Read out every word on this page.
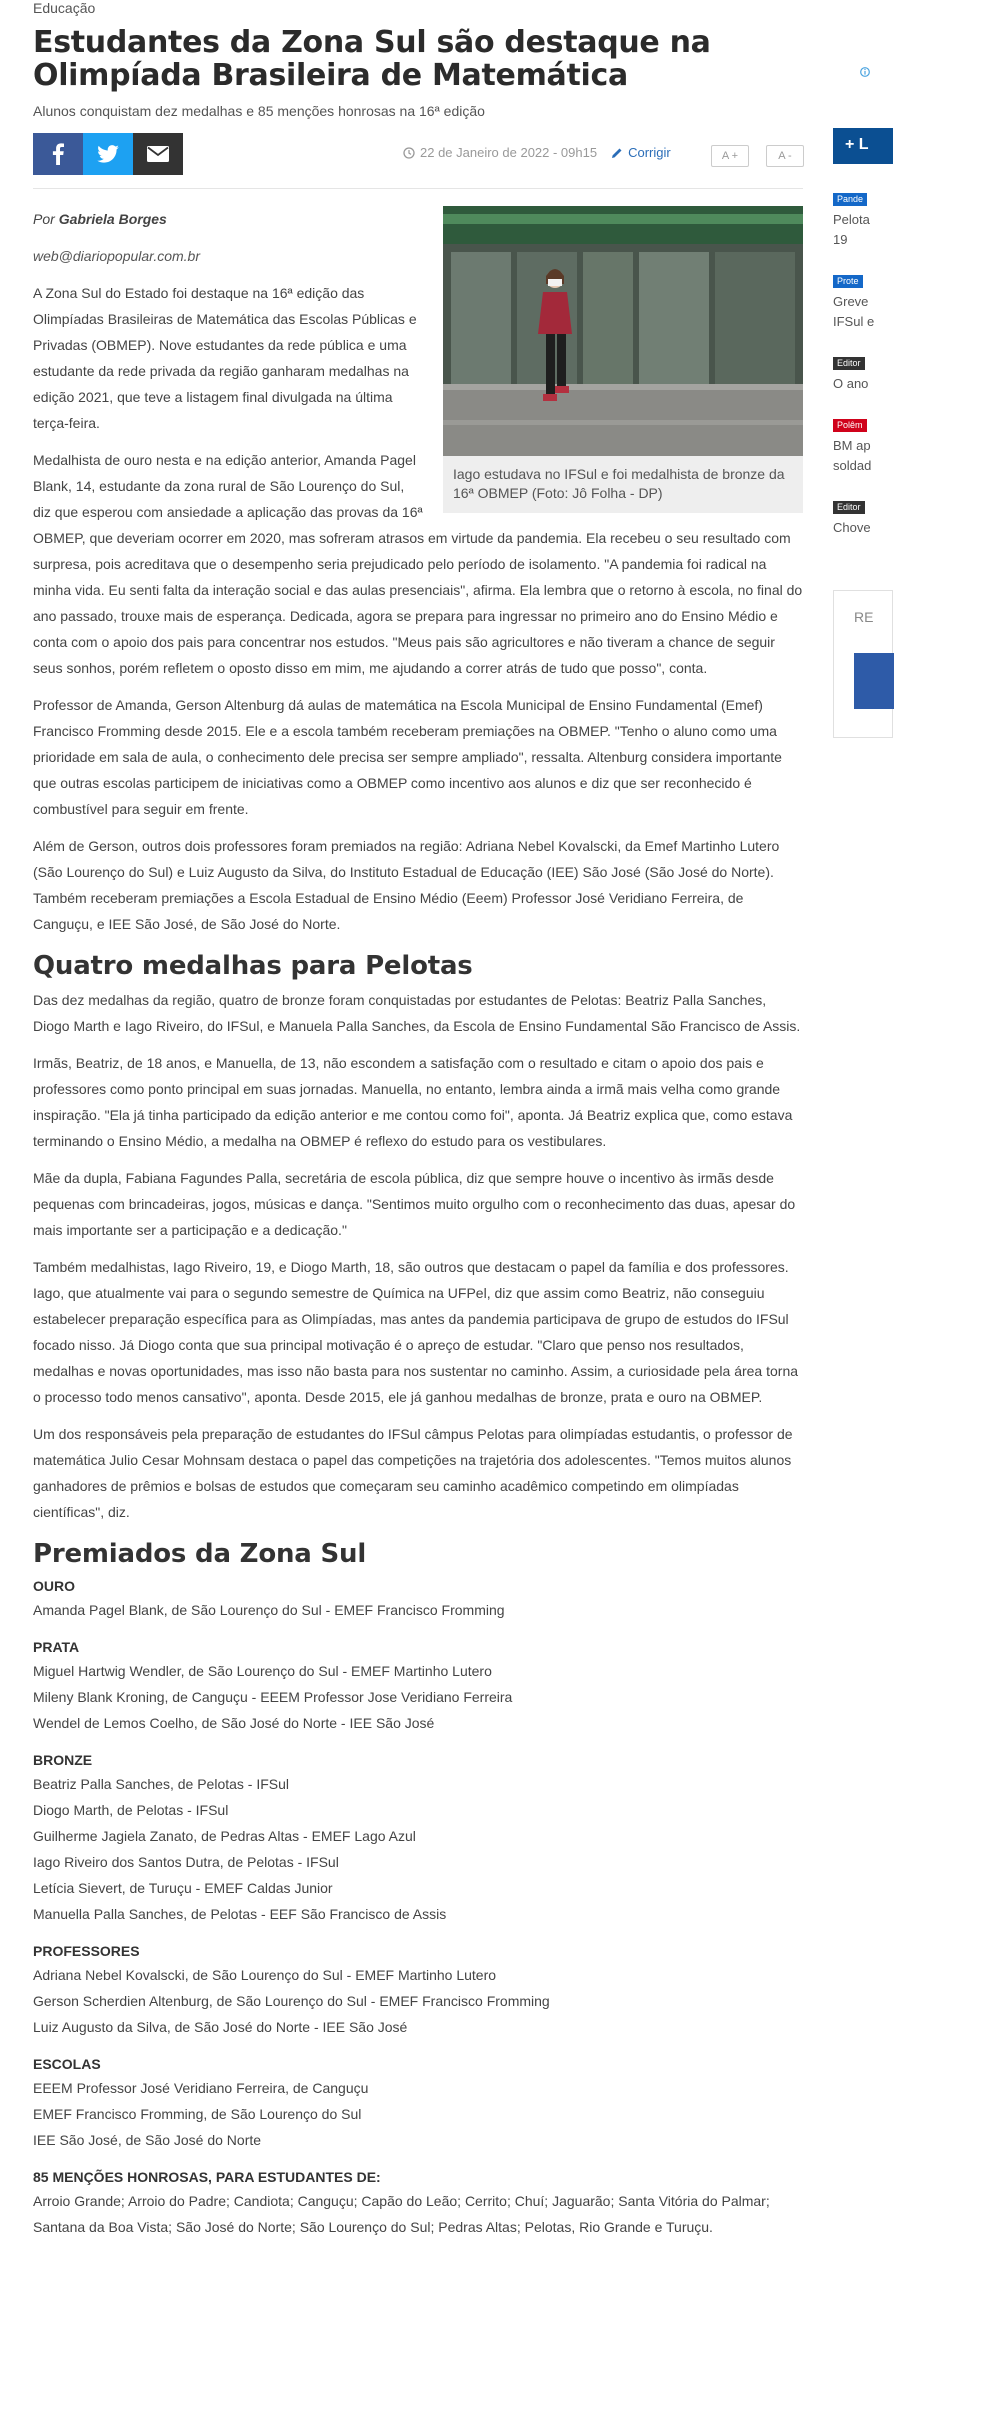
Educação
Estudantes da Zona Sul são destaque na Olimpíada Brasileira de Matemática
Alunos conquistam dez medalhas e 85 menções honrosas na 16ª edição
22 de Janeiro de 2022 - 09h15 Corrigir	A +	A -
Iago estudava no IFSul e foi medalhista de bronze da 16ª OBMEP (Foto: Jô Folha - DP)

Por Gabriela Borges

web@diariopopular.com.br

A Zona Sul do Estado foi destaque na 16ª edição das Olimpíadas Brasileiras de Matemática das Escolas Públicas e Privadas (OBMEP). Nove estudantes da rede pública e uma estudante da rede privada da região ganharam medalhas na edição 2021, que teve a listagem final divulgada na última terça-feira.

Medalhista de ouro nesta e na edição anterior, Amanda Pagel Blank, 14, estudante da zona rural de São Lourenço do Sul, diz que esperou com ansiedade a aplicação das provas da 16ª OBMEP, que deveriam ocorrer em 2020, mas sofreram atrasos em virtude da pandemia. Ela recebeu o seu resultado com surpresa, pois acreditava que o desempenho seria prejudicado pelo período de isolamento. "A pandemia foi radical na minha vida. Eu senti falta da interação social e das aulas presenciais", afirma. Ela lembra que o retorno à escola, no final do ano passado, trouxe mais de esperança. Dedicada, agora se prepara para ingressar no primeiro ano do Ensino Médio e conta com o apoio dos pais para concentrar nos estudos. "Meus pais são agricultores e não tiveram a chance de seguir seus sonhos, porém refletem o oposto disso em mim, me ajudando a correr atrás de tudo que posso", conta.

Professor de Amanda, Gerson Altenburg dá aulas de matemática na Escola Municipal de Ensino Fundamental (Emef) Francisco Fromming desde 2015. Ele e a escola também receberam premiações na OBMEP. "Tenho o aluno como uma prioridade em sala de aula, o conhecimento dele precisa ser sempre ampliado", ressalta. Altenburg considera importante que outras escolas participem de iniciativas como a OBMEP como incentivo aos alunos e diz que ser reconhecido é combustível para seguir em frente.

Além de Gerson, outros dois professores foram premiados na região: Adriana Nebel Kovalscki, da Emef Martinho Lutero (São Lourenço do Sul) e Luiz Augusto da Silva, do Instituto Estadual de Educação (IEE) São José (São José do Norte). Também receberam premiações a Escola Estadual de Ensino Médio (Eeem) Professor José Veridiano Ferreira, de Canguçu, e IEE São José, de São José do Norte.

Quatro medalhas para Pelotas

Das dez medalhas da região, quatro de bronze foram conquistadas por estudantes de Pelotas: Beatriz Palla Sanches, Diogo Marth e Iago Riveiro, do IFSul, e Manuela Palla Sanches, da Escola de Ensino Fundamental São Francisco de Assis.

Irmãs, Beatriz, de 18 anos, e Manuella, de 13, não escondem a satisfação com o resultado e citam o apoio dos pais e professores como ponto principal em suas jornadas. Manuella, no entanto, lembra ainda a irmã mais velha como grande inspiração. "Ela já tinha participado da edição anterior e me contou como foi", aponta. Já Beatriz explica que, como estava terminando o Ensino Médio, a medalha na OBMEP é reflexo do estudo para os vestibulares.

Mãe da dupla, Fabiana Fagundes Palla, secretária de escola pública, diz que sempre houve o incentivo às irmãs desde pequenas com brincadeiras, jogos, músicas e dança. "Sentimos muito orgulho com o reconhecimento das duas, apesar do mais importante ser a participação e a dedicação."

Também medalhistas, Iago Riveiro, 19, e Diogo Marth, 18, são outros que destacam o papel da família e dos professores. Iago, que atualmente vai para o segundo semestre de Química na UFPel, diz que assim como Beatriz, não conseguiu estabelecer preparação específica para as Olimpíadas, mas antes da pandemia participava de grupo de estudos do IFSul focado nisso. Já Diogo conta que sua principal motivação é o apreço de estudar. "Claro que penso nos resultados, medalhas e novas oportunidades, mas isso não basta para nos sustentar no caminho. Assim, a curiosidade pela área torna o processo todo menos cansativo", aponta. Desde 2015, ele já ganhou medalhas de bronze, prata e ouro na OBMEP.

Um dos responsáveis pela preparação de estudantes do IFSul câmpus Pelotas para olimpíadas estudantis, o professor de matemática Julio Cesar Mohnsam destaca o papel das competições na trajetória dos adolescentes. "Temos muitos alunos ganhadores de prêmios e bolsas de estudos que começaram seu caminho acadêmico competindo em olimpíadas científicas", diz.

Premiados da Zona Sul
OURO
Amanda Pagel Blank, de São Lourenço do Sul - EMEF Francisco Fromming
PRATA
Miguel Hartwig Wendler, de São Lourenço do Sul - EMEF Martinho Lutero
Mileny Blank Kroning, de Canguçu - EEEM Professor Jose Veridiano Ferreira
Wendel de Lemos Coelho, de São José do Norte - IEE São José
BRONZE
Beatriz Palla Sanches, de Pelotas - IFSul
Diogo Marth, de Pelotas - IFSul
Guilherme Jagiela Zanato, de Pedras Altas - EMEF Lago Azul
Iago Riveiro dos Santos Dutra, de Pelotas - IFSul
Letícia Sievert, de Turuçu - EMEF Caldas Junior
Manuella Palla Sanches, de Pelotas - EEF São Francisco de Assis
PROFESSORES
Adriana Nebel Kovalscki, de São Lourenço do Sul - EMEF Martinho Lutero
Gerson Scherdien Altenburg, de São Lourenço do Sul - EMEF Francisco Fromming
Luiz Augusto da Silva, de São José do Norte - IEE São José
ESCOLAS
EEEM Professor José Veridiano Ferreira, de Canguçu
EMEF Francisco Fromming, de São Lourenço do Sul
IEE São José, de São José do Norte
85 MENÇÕES HONROSAS, PARA ESTUDANTES DE:
Arroio Grande; Arroio do Padre; Candiota; Canguçu; Capão do Leão; Cerrito; Chuí; Jaguarão; Santa Vitória do Palmar; Santana da Boa Vista; São José do Norte; São Lourenço do Sul; Pedras Altas; Pelotas, Rio Grande e Turuçu.
+ L
Pande
Pelota
19
Prote
Greve
IFSul e
Editor
O ano
Polêm
BM ap
soldad
Editor
Chove
RE
